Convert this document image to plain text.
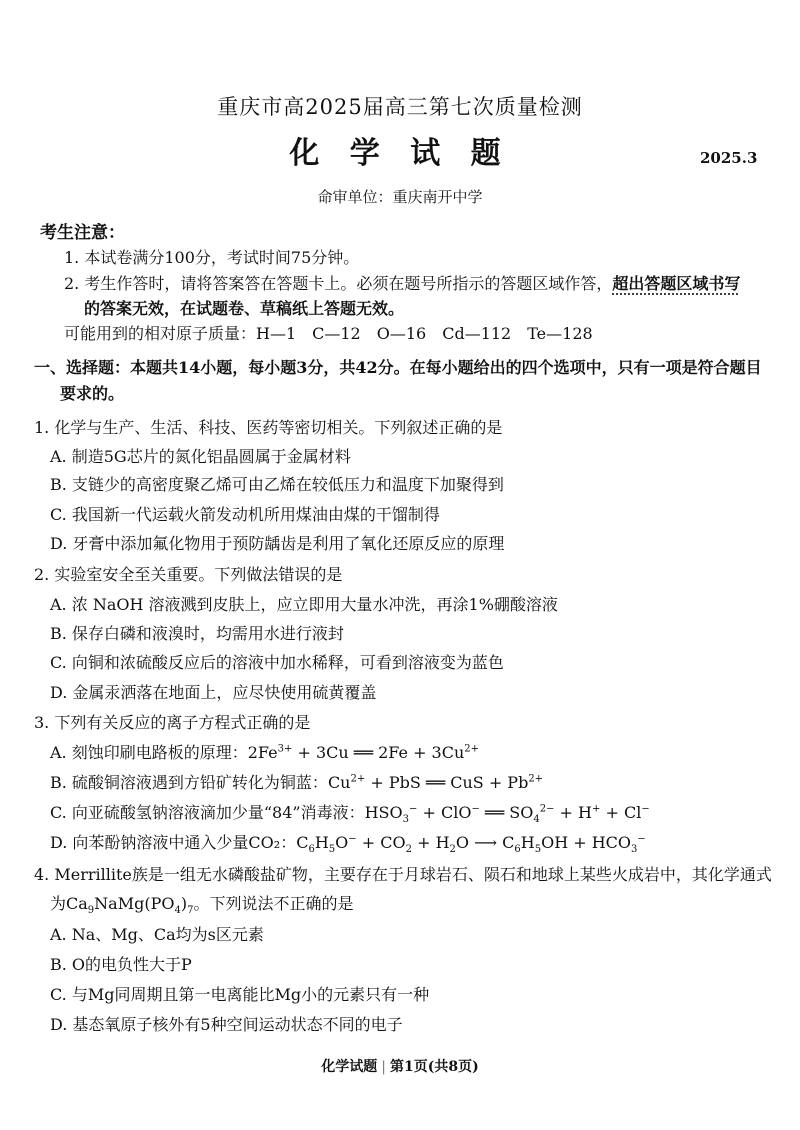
重庆市高2025届高三第七次质量检测
化 学 试 题	2025.3
命审单位：重庆南开中学
考生注意：
1. 本试卷满分100分，考试时间75分钟。
2. 考生作答时，请将答案答在答题卡上。必须在题号所指示的答题区域作答，超出答题区域书写
的答案无效，在试题卷、草稿纸上答题无效。
可能用到的相对原子质量：H—1　C—12　O—16　Cd—112　Te—128
一、选择题：本题共14小题，每小题3分，共42分。在每小题给出的四个选项中，只有一项是符合题目
要求的。
1. 化学与生产、生活、科技、医药等密切相关。下列叙述正确的是
A. 制造5G芯片的氮化铝晶圆属于金属材料
B. 支链少的高密度聚乙烯可由乙烯在较低压力和温度下加聚得到
C. 我国新一代运载火箭发动机所用煤油由煤的干馏制得
D. 牙膏中添加氟化物用于预防龋齿是利用了氧化还原反应的原理
2. 实验室安全至关重要。下列做法错误的是
A. 浓 NaOH 溶液溅到皮肤上，应立即用大量水冲洗，再涂1%硼酸溶液
B. 保存白磷和液溴时，均需用水进行液封
C. 向铜和浓硫酸反应后的溶液中加水稀释，可看到溶液变为蓝色
D. 金属汞洒落在地面上，应尽快使用硫黄覆盖
3. 下列有关反应的离子方程式正确的是
A. 刻蚀印刷电路板的原理：$2Fe^{3+} + 3Cu$ ══ $2Fe + 3Cu^{2+}$
B. 硫酸铜溶液遇到方铅矿转化为铜蓝：$Cu^{2+}$ + PbS ══ CuS + $Pb^{2+}$
C. 向亚硫酸氢钠溶液滴加少量“84”消毒液：$HSO_3^- + ClO^-$ ══ $SO_4^{2-} + H^+ + Cl^-$
D. 向苯酚钠溶液中通入少量CO₂：$C_6H_5O^- + CO_2 + H_2O$ ⟶ $C_6H_5OH + HCO_3^-$
4. Merrillite族是一组无水磷酸盐矿物，主要存在于月球岩石、陨石和地球上某些火成岩中，其化学通式
为$Ca_9NaMg(PO_4)_7$。下列说法不正确的是
A. Na、Mg、Ca均为s区元素
B. O的电负性大于P
C. 与Mg同周期且第一电离能比Mg小的元素只有一种
D. 基态氧原子核外有5种空间运动状态不同的电子
化学试题 | 第1页(共8页)
